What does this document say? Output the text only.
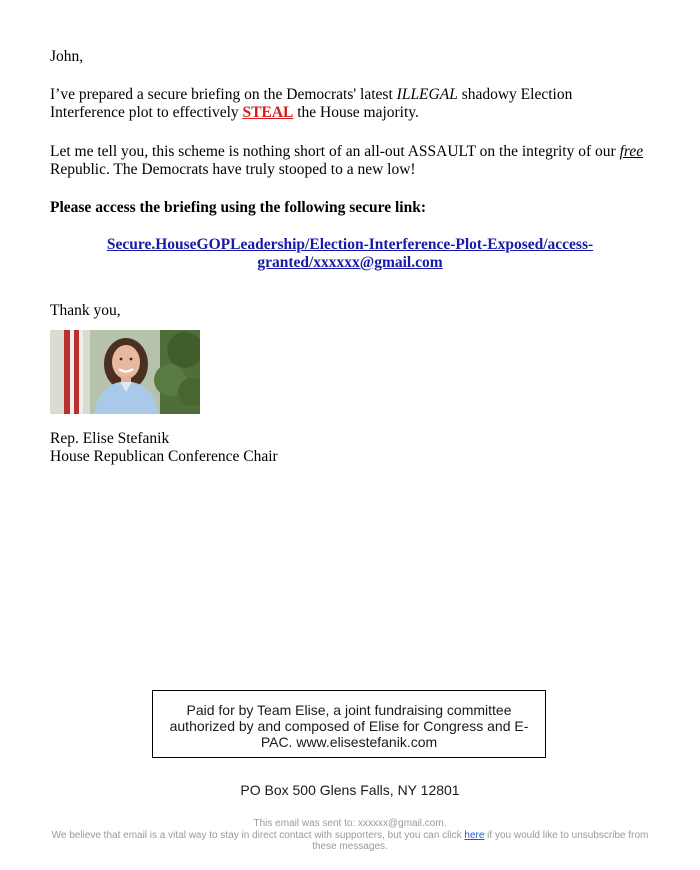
John,

I’ve prepared a secure briefing on the Democrats' latest ILLEGAL shadowy Election Interference plot to effectively STEAL the House majority.

Let me tell you, this scheme is nothing short of an all-out ASSAULT on the integrity of our free Republic. The Democrats have truly stooped to a new low!

Please access the briefing using the following secure link:

Secure.HouseGOPLeadership/Election-Interference-Plot-Exposed/access-granted/xxxxxx@gmail.com

Thank you,

Rep. Elise Stefanik
House Republican Conference Chair
Paid for by Team Elise, a joint fundraising committee authorized by and composed of Elise for Congress and E-PAC. www.elisestefanik.com
PO Box 500 Glens Falls, NY 12801
This email was sent to: xxxxxx@gmail.com.
We believe that email is a vital way to stay in direct contact with supporters, but you can click here if you would like to unsubscribe from these messages.
